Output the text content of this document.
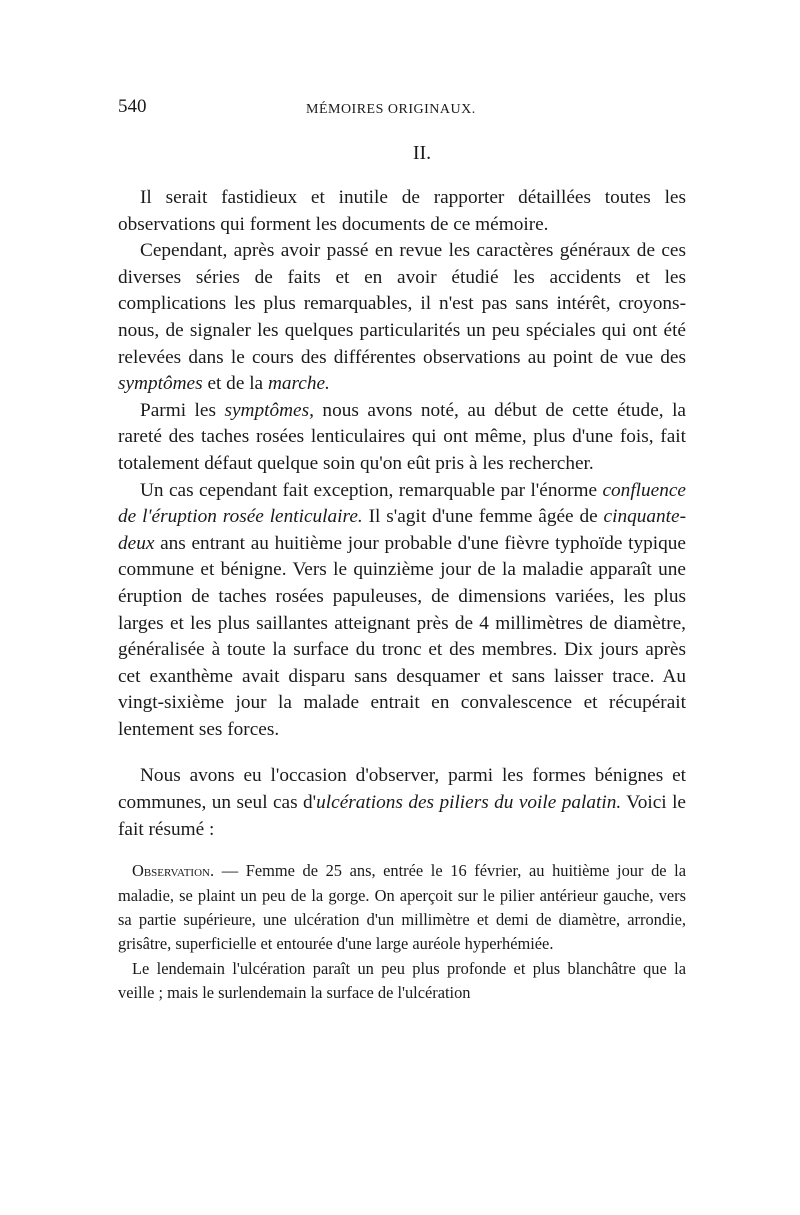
540	MÉMOIRES ORIGINAUX.
II.

Il serait fastidieux et inutile de rapporter détaillées toutes les observations qui forment les documents de ce mémoire.

Cependant, après avoir passé en revue les caractères généraux de ces diverses séries de faits et en avoir étudié les accidents et les complications les plus remarquables, il n'est pas sans intérêt, croyons-nous, de signaler les quelques particularités un peu spéciales qui ont été relevées dans le cours des différentes observations au point de vue des symptômes et de la marche.

Parmi les symptômes, nous avons noté, au début de cette étude, la rareté des taches rosées lenticulaires qui ont même, plus d'une fois, fait totalement défaut quelque soin qu'on eût pris à les rechercher.

Un cas cependant fait exception, remarquable par l'énorme confluence de l'éruption rosée lenticulaire. Il s'agit d'une femme âgée de cinquante-deux ans entrant au huitième jour probable d'une fièvre typhoïde typique commune et bénigne. Vers le quinzième jour de la maladie apparaît une éruption de taches rosées papuleuses, de dimensions variées, les plus larges et les plus saillantes atteignant près de 4 millimètres de diamètre, généralisée à toute la surface du tronc et des membres. Dix jours après cet exanthème avait disparu sans desquamer et sans laisser trace. Au vingt-sixième jour la malade entrait en convalescence et récupérait lentement ses forces.

Nous avons eu l'occasion d'observer, parmi les formes bénignes et communes, un seul cas d'ulcérations des piliers du voile palatin. Voici le fait résumé :

Observation. — Femme de 25 ans, entrée le 16 février, au huitième jour de la maladie, se plaint un peu de la gorge. On aperçoit sur le pilier antérieur gauche, vers sa partie supérieure, une ulcération d'un millimètre et demi de diamètre, arrondie, grisâtre, superficielle et entourée d'une large auréole hyperhémiée.

Le lendemain l'ulcération paraît un peu plus profonde et plus blanchâtre que la veille ; mais le surlendemain la surface de l'ulcération
